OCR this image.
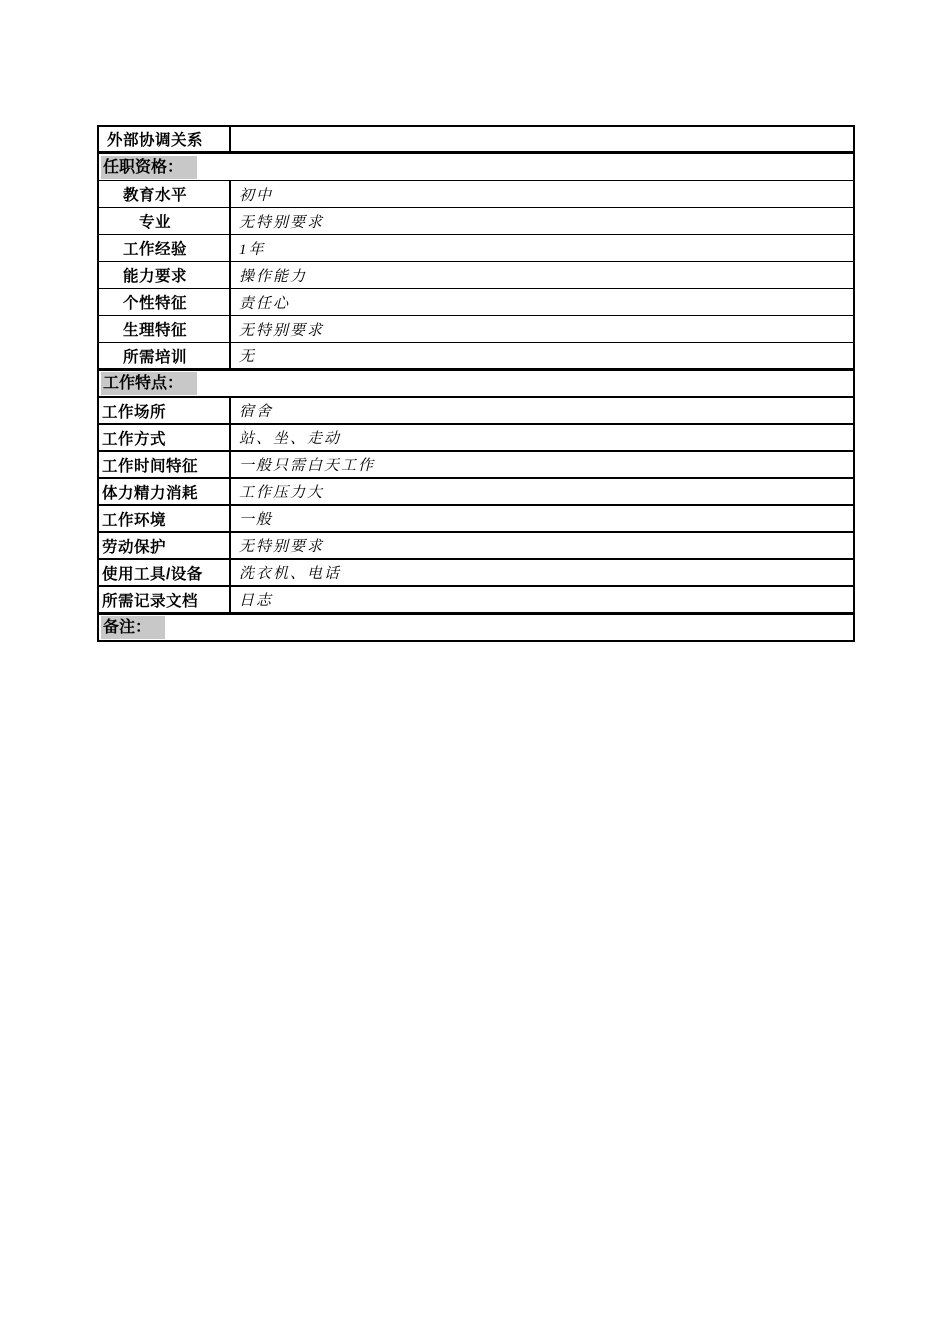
外部协调关系
任职资格：
教育水平	初中
专业	无特别要求
工作经验	1年
能力要求	操作能力
个性特征	责任心
生理特征	无特别要求
所需培训	无
工作特点：
工作场所	宿舍
工作方式	站、坐、走动
工作时间特征	一般只需白天工作
体力精力消耗	工作压力大
工作环境	一般
劳动保护	无特别要求
使用工具/设备 洗衣机、电话
所需记录文档	日志
备注：
